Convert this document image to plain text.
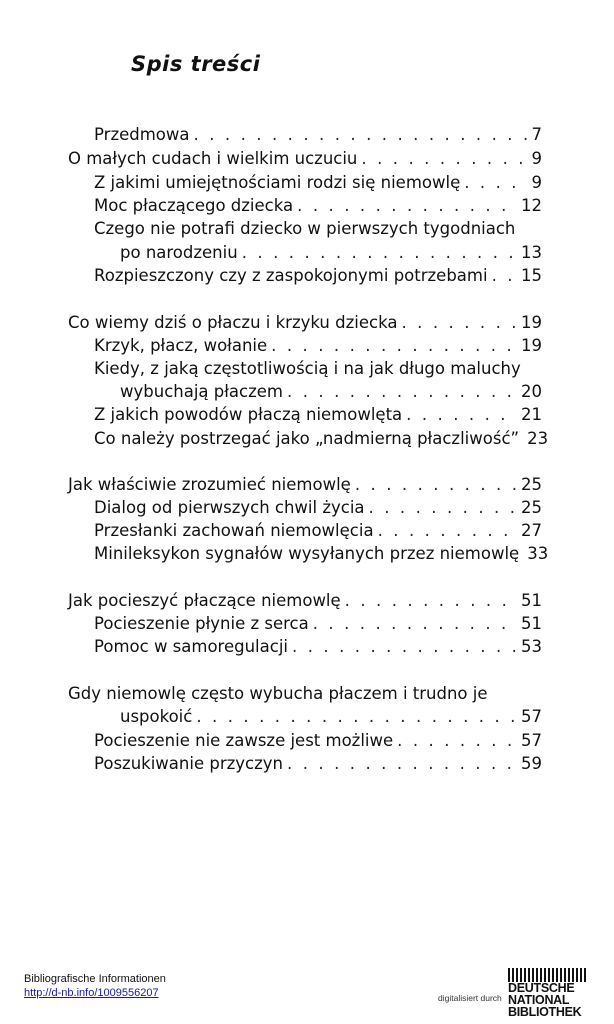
Spis treści
Przedmowa . . .	7
O małych cudach i wielkim uczuciu . . .	9
Z jakimi umiejętnościami rodzi się niemowlę . . .	9
Moc płaczącego dziecka . . .	12
Czego nie potrafi dziecko w pierwszych tygodniach
po narodzeniu . . .	13
Rozpieszczony czy z zaspokojonymi potrzebami . . . 15
Co wiemy dziś o płaczu i krzyku dziecka . . .	19
Krzyk, płacz, wołanie . . .	19
Kiedy, z jaką częstotliwością i na jak długo maluchy
wybuchają płaczem . . .	20
Z jakich powodów płaczą niemowlęta . . .	21
Co należy postrzegać jako „nadmierną płaczliwość” 23
Jak właściwie zrozumieć niemowlę . . .	25
Dialog od pierwszych chwil życia . . .	25
Przesłanki zachowań niemowlęcia . . .	27
Minileksykon sygnałów wysyłanych przez niemowlę 33
Jak pocieszyć płaczące niemowlę . . .	51
Pocieszenie płynie z serca . . .	51
Pomoc w samoregulacji . . .	53
Gdy niemowlę często wybucha płaczem i trudno je
uspokoić . . .	57
Pocieszenie nie zawsze jest możliwe . . .	57
Poszukiwanie przyczyn . . .	59
Bibliografische Informationen
http://d-nb.info/1009556207	digitalisiert durch
DEUTSCHE
NATIONAL
BIBLIOTHEK
